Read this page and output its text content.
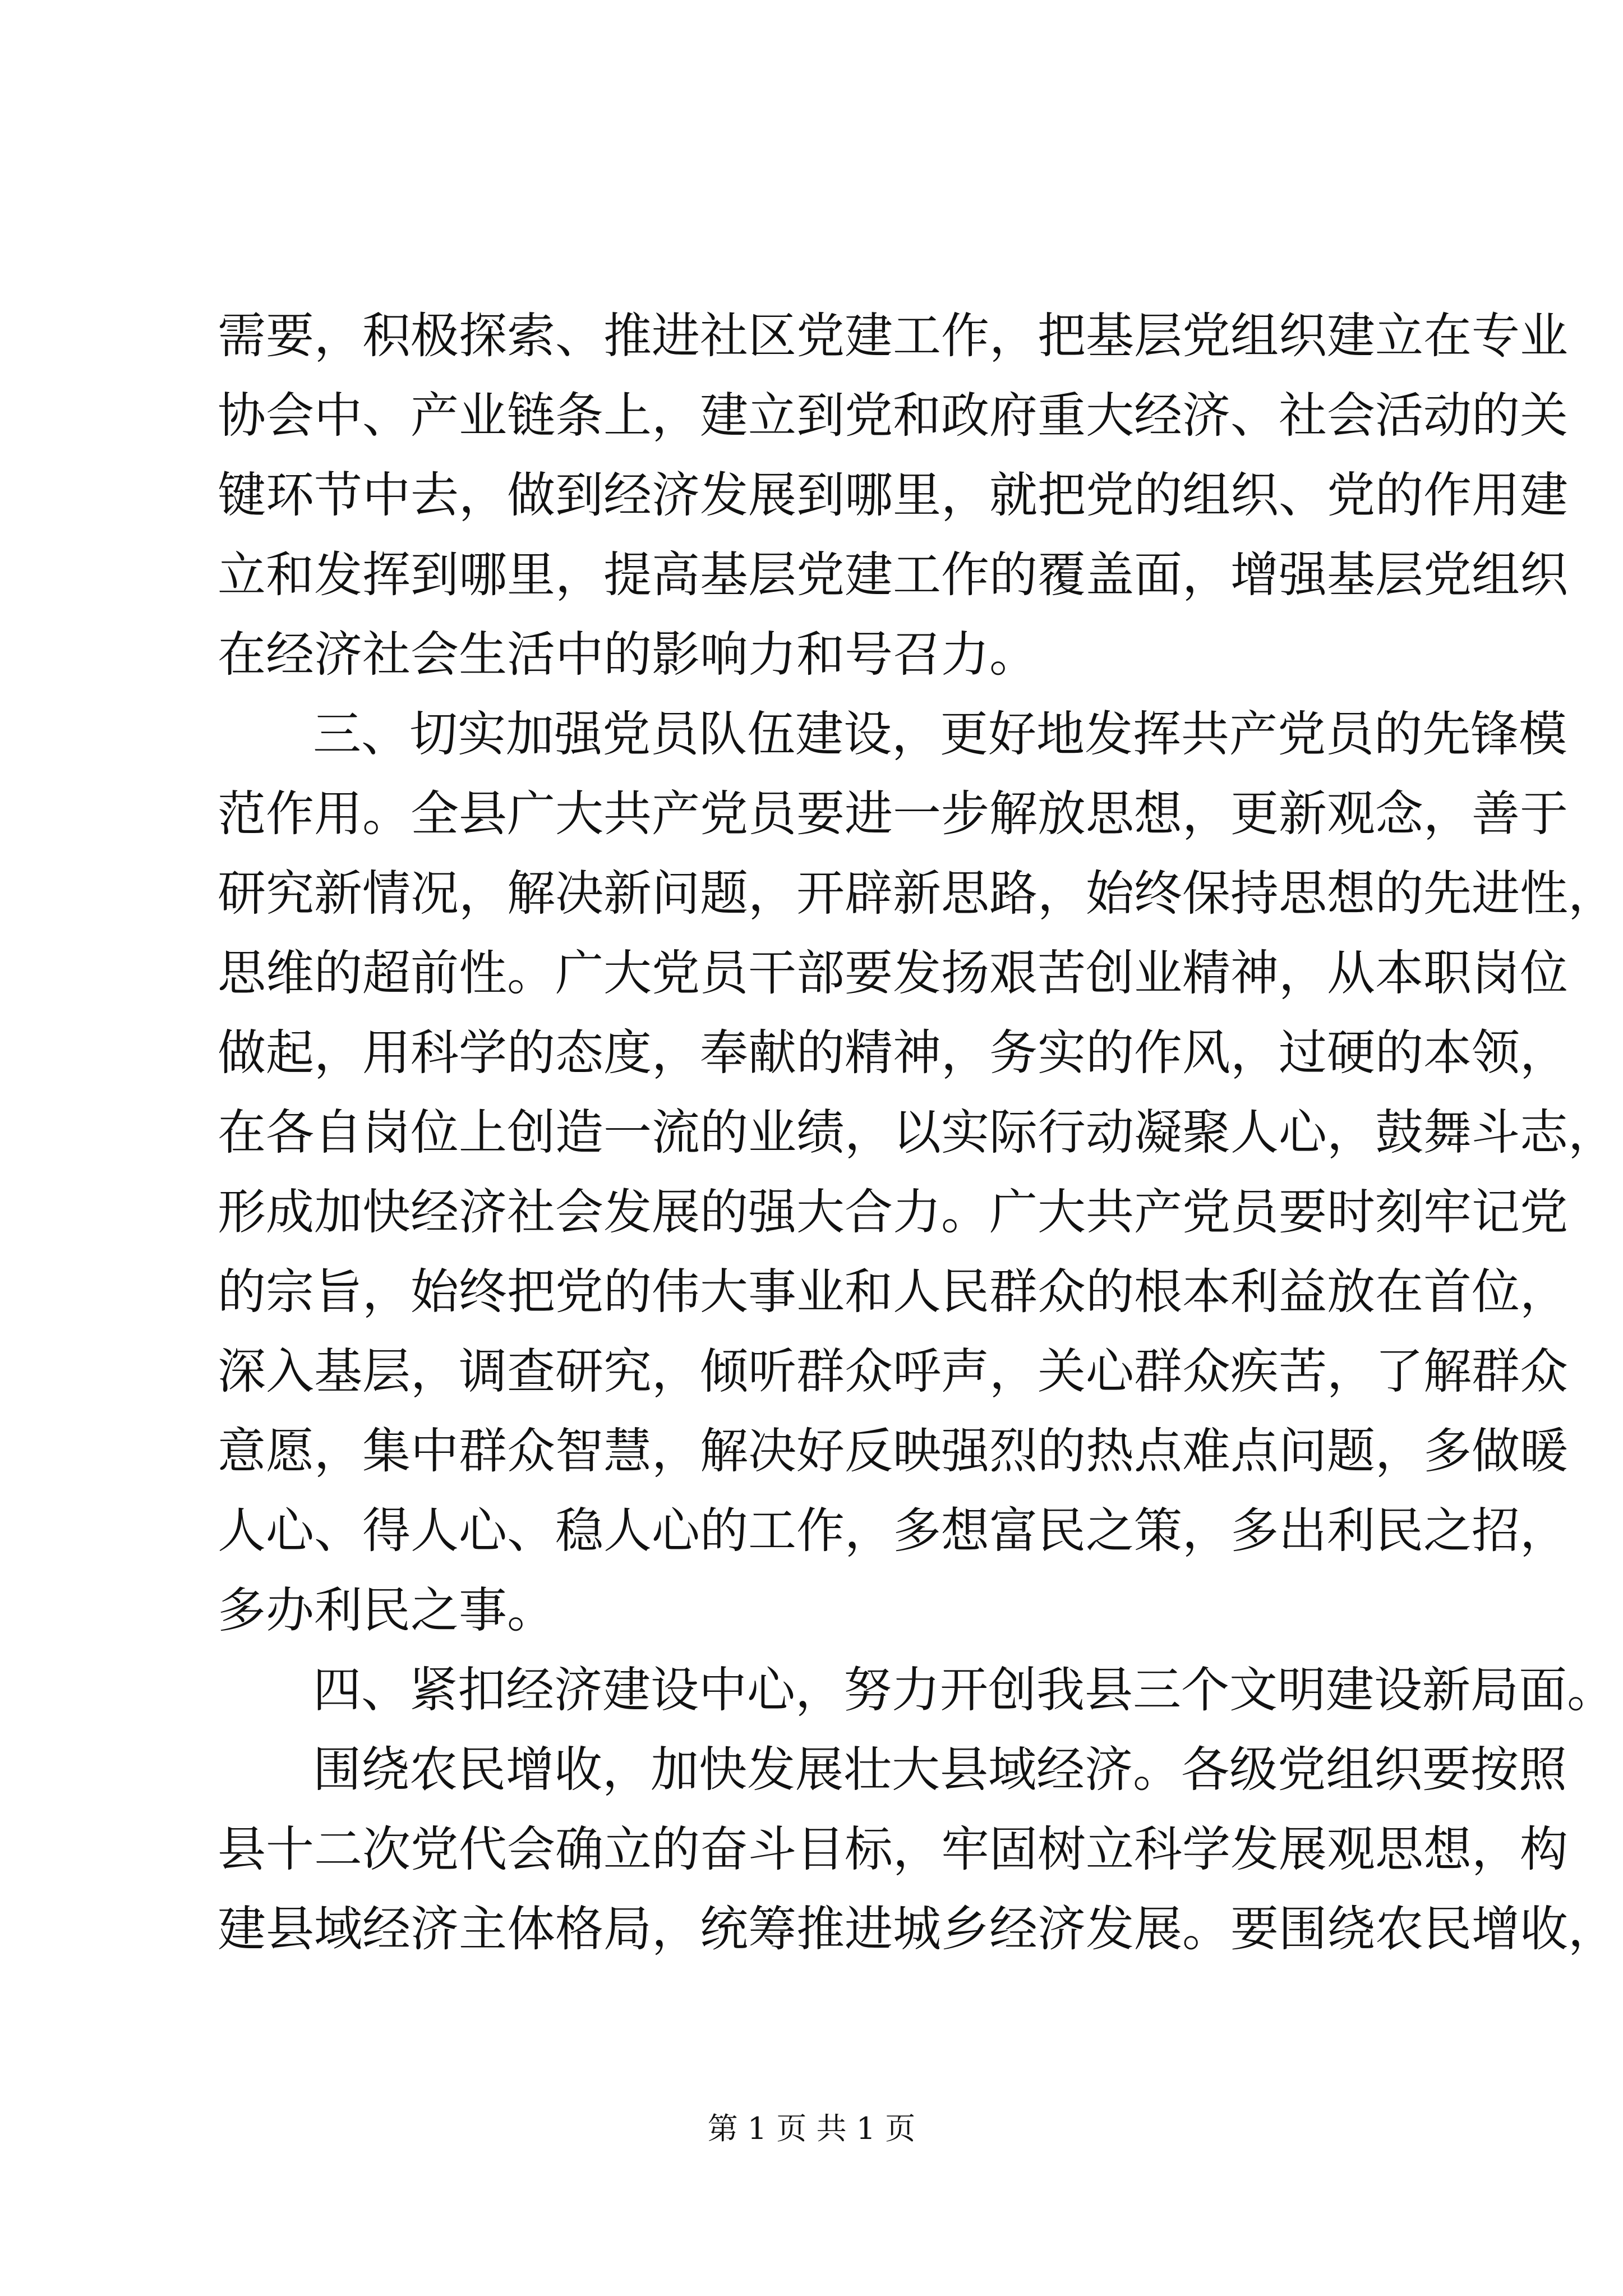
需要，积极探索、推进社区党建工作，把基层党组织建立在专业
协会中、产业链条上，建立到党和政府重大经济、社会活动的关
键环节中去，做到经济发展到哪里，就把党的组织、党的作用建
立和发挥到哪里，提高基层党建工作的覆盖面，增强基层党组织
在经济社会生活中的影响力和号召力。
三、切实加强党员队伍建设，更好地发挥共产党员的先锋模
范作用。全县广大共产党员要进一步解放思想，更新观念，善于
研究新情况，解决新问题，开辟新思路，始终保持思想的先进性，
思维的超前性。广大党员干部要发扬艰苦创业精神，从本职岗位
做起，用科学的态度，奉献的精神，务实的作风，过硬的本领，
在各自岗位上创造一流的业绩，以实际行动凝聚人心，鼓舞斗志，
形成加快经济社会发展的强大合力。广大共产党员要时刻牢记党
的宗旨，始终把党的伟大事业和人民群众的根本利益放在首位，
深入基层，调查研究，倾听群众呼声，关心群众疾苦，了解群众
意愿，集中群众智慧，解决好反映强烈的热点难点问题，多做暖
人心、得人心、稳人心的工作，多想富民之策，多出利民之招，
多办利民之事。
四、紧扣经济建设中心，努力开创我县三个文明建设新局面。
围绕农民增收，加快发展壮大县域经济。各级党组织要按照
县十二次党代会确立的奋斗目标，牢固树立科学发展观思想，构
建县域经济主体格局，统筹推进城乡经济发展。要围绕农民增收，
第 1 页 共 1 页
